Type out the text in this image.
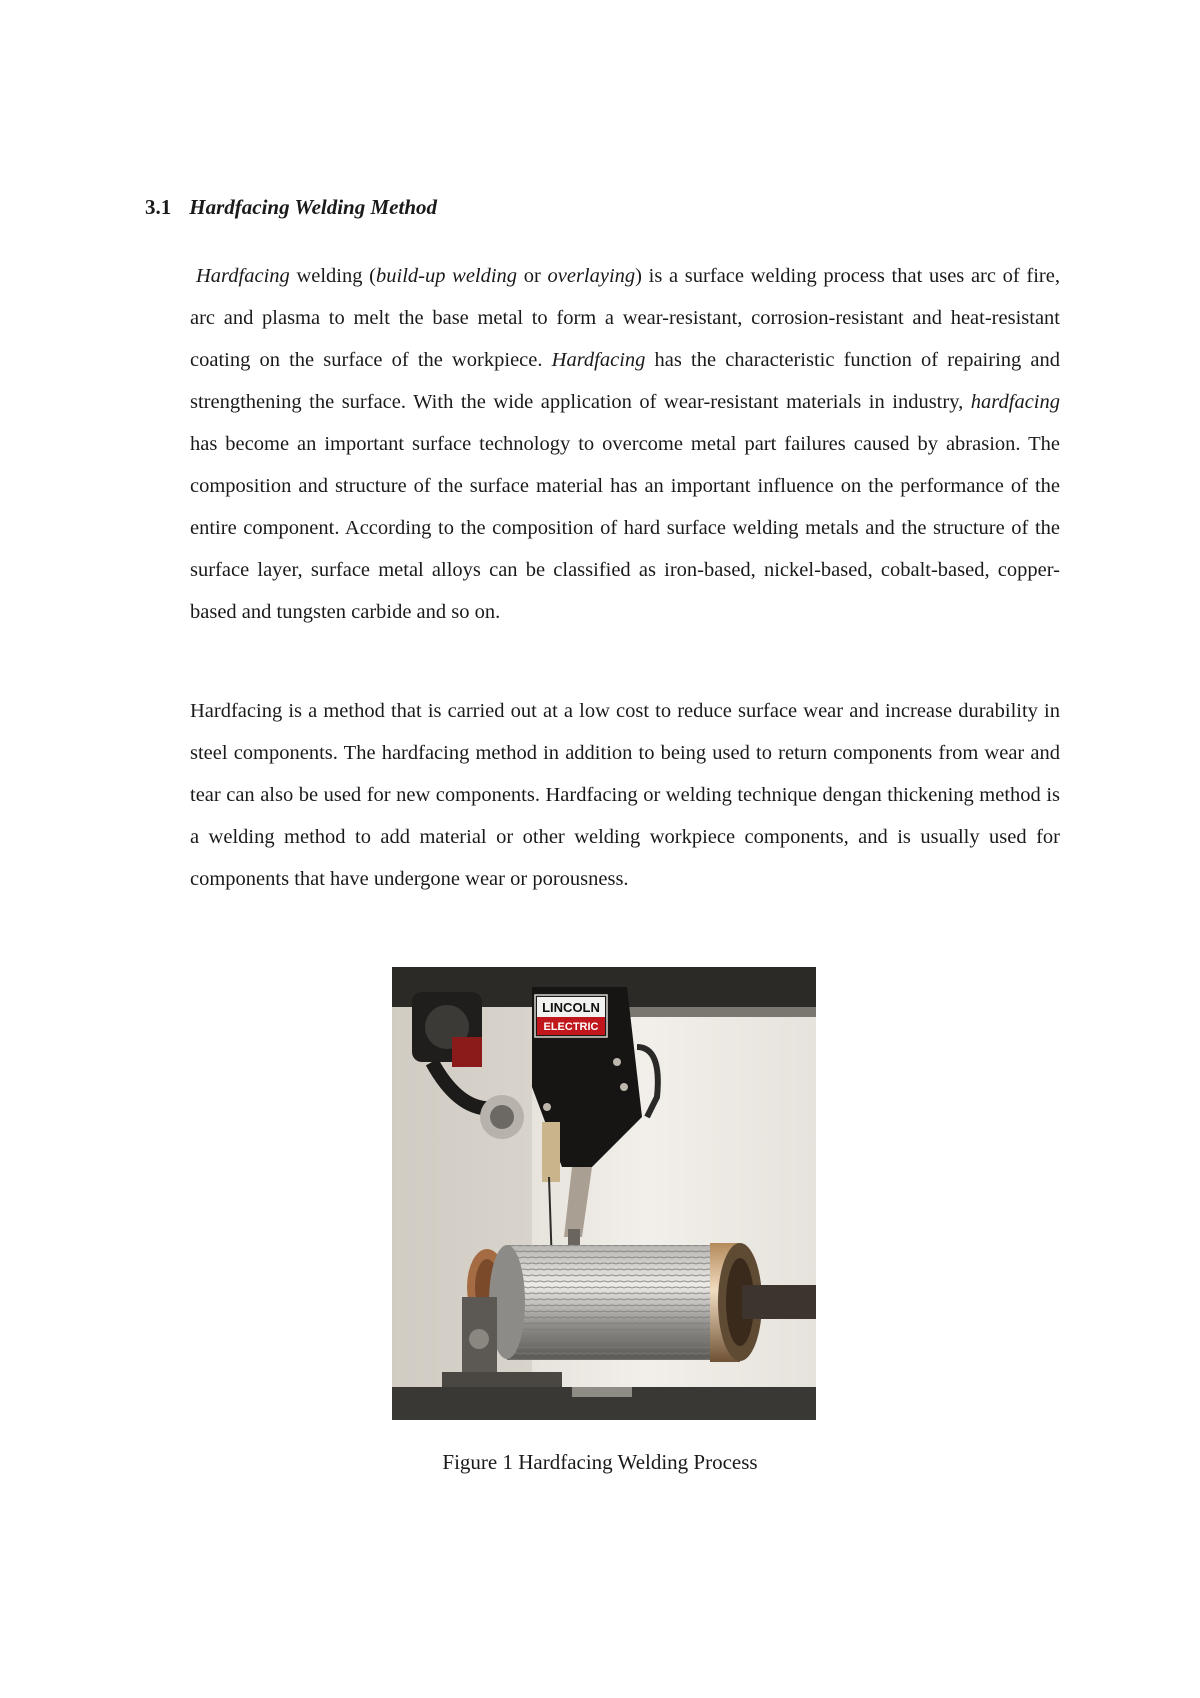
3.1 Hardfacing Welding Method

Hardfacing welding (build-up welding or overlaying) is a surface welding process that uses arc of fire, arc and plasma to melt the base metal to form a wear-resistant, corrosion-resistant and heat-resistant coating on the surface of the workpiece. Hardfacing has the characteristic function of repairing and strengthening the surface. With the wide application of wear-resistant materials in industry, hardfacing has become an important surface technology to overcome metal part failures caused by abrasion. The composition and structure of the surface material has an important influence on the performance of the entire component. According to the composition of hard surface welding metals and the structure of the surface layer, surface metal alloys can be classified as iron-based, nickel-based, cobalt-based, copper-based and tungsten carbide and so on.

Hardfacing is a method that is carried out at a low cost to reduce surface wear and increase durability in steel components. The hardfacing method in addition to being used to return components from wear and tear can also be used for new components. Hardfacing or welding technique dengan thickening method is a welding method to add material or other welding workpiece components, and is usually used for components that have undergone wear or porousness.

LINCOLN
ELECTRIC
Figure 1 Hardfacing Welding Process
